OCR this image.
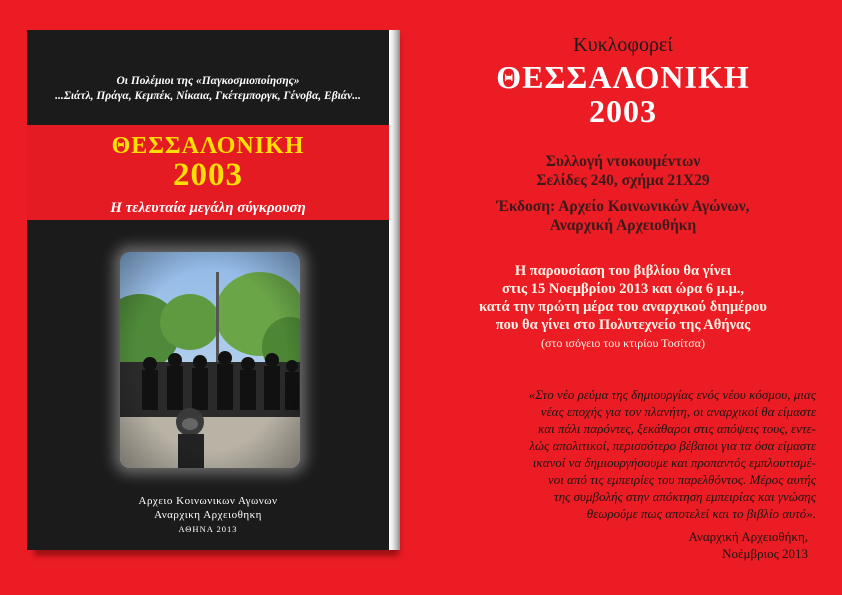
Οι Πολέμιοι της «Παγκοσμιοποίησης»
...Σιάτλ, Πράγα, Κεμπέκ, Νίκαια, Γκέτεμποργκ, Γένοβα, Εβιάν...
ΘΕΣΣΑΛΟΝΙΚΗ
2003
Η τελευταία μεγάλη σύγκρουση
Αρχειο Κοινωνικων Αγωνων
Αναρχικη Αρχειοθηκη
ΑΘΗΝΑ 2013
Κυκλοφορεί
ΘΕΣΣΑΛΟΝΙΚΗ
2003
Συλλογή ντοκουμέντων
Σελίδες 240, σχήμα 21Χ29
Έκδοση: Αρχείο Κοινωνικών Αγώνων,
Αναρχική Αρχειοθήκη
Η παρουσίαση του βιβλίου θα γίνει
στις 15 Νοεμβρίου 2013 και ώρα 6 μ.μ.,
κατά την πρώτη μέρα του αναρχικού διημέρου
που θα γίνει στο Πολυτεχνείο της Αθήνας
(στο ισόγειο του κτιρίου Τοσίτσα)
«Στο νέο ρεύμα της δημιουργίας ενός νέου κόσμου, μιας
νέας εποχής για τον πλανήτη, οι αναρχικοί θα είμαστε
και πάλι παρόντες, ξεκάθαροι στις απόψεις τους, εντε-
λώς απολιτικοί, περισσότερο βέβαιοι για τα όσα είμαστε
ικανοί να δημιουργήσουμε και προπαντός εμπλουτισμέ-
νοι από τις εμπειρίες του παρελθόντος. Μέρος αυτής
της συμβολής στην απόκτηση εμπειρίας και γνώσης
θεωρούμε πως αποτελεί και το βιβλίο αυτό».
Αναρχική Αρχειοθήκη,
Νοέμβριος 2013
